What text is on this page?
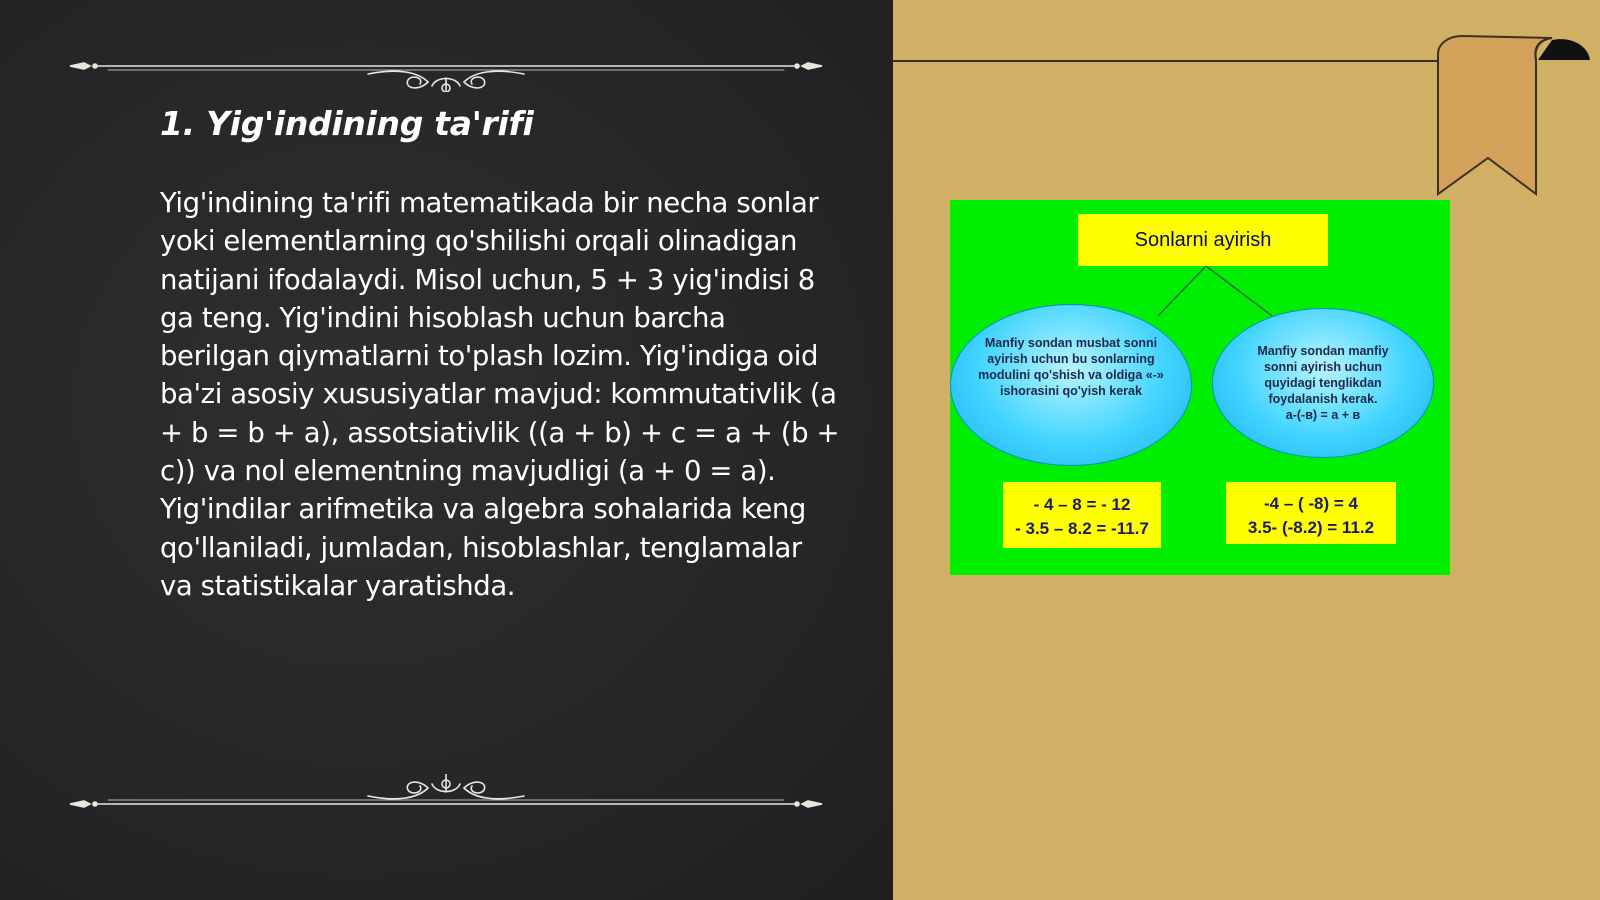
1. Yig'indining ta'rifi

Yig'indining ta'rifi matematikada bir necha sonlar yoki elementlarning qo'shilishi orqali olinadigan natijani ifodalaydi. Misol uchun, 5 + 3 yig'indisi 8 ga teng. Yig'indini hisoblash uchun barcha berilgan qiymatlarni to'plash lozim. Yig'indiga oid ba'zi asosiy xususiyatlar mavjud: kommutativlik (a + b = b + a), assotsiativlik ((a + b) + c = a + (b + c)) va nol elementning mavjudligi (a + 0 = a). Yig'indilar arifmetika va algebra sohalarida keng qo'llaniladi, jumladan, hisoblashlar, tenglamalar va statistikalar yaratishda.

Sonlarni ayirish
Manfiy sondan musbat sonni
ayirish uchun bu sonlarning
modulini qo'shish va oldiga «-»
ishorasini qo'yish kerak
Manfiy sondan manfiy
sonni ayirish uchun
quyidagi tenglikdan
foydalanish kerak.
a-(-в) = a + в
- 4 – 8 = - 12
- 3.5 – 8.2 = -11.7
-4 – ( -8) = 4
3.5- (-8.2) = 11.2
